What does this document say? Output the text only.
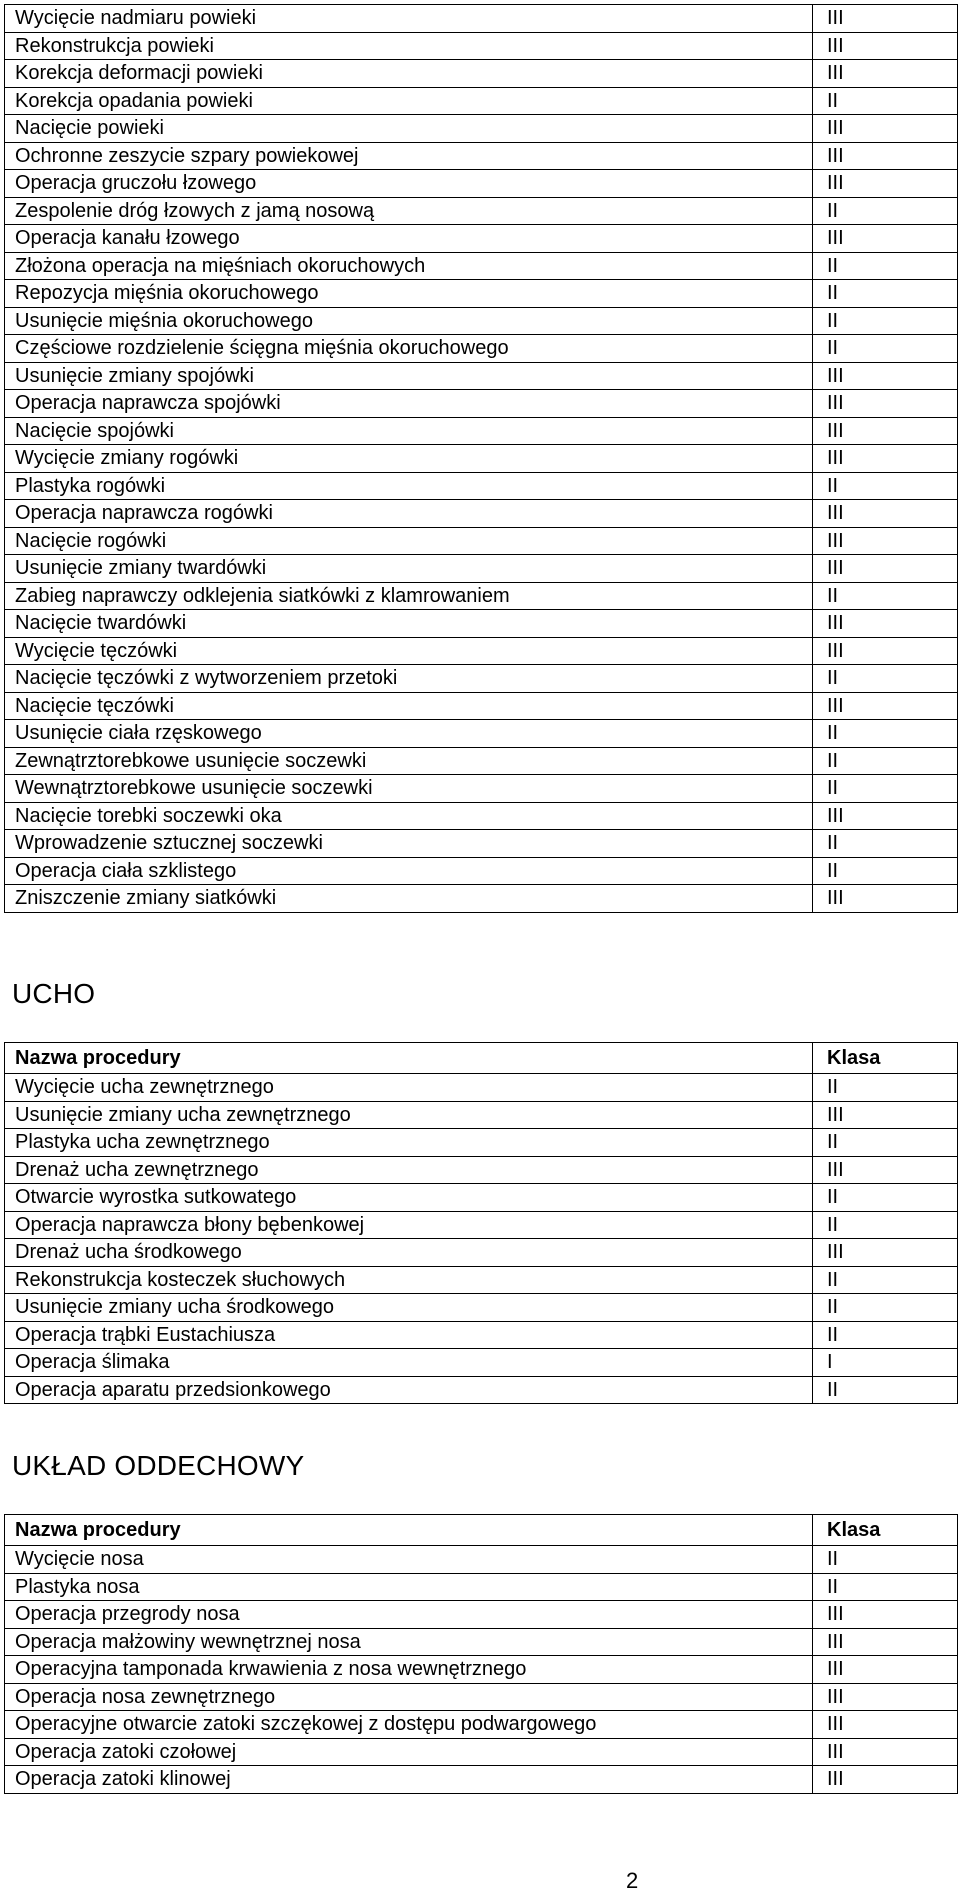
Wycięcie nadmiaru powieki	III
Rekonstrukcja powieki	III
Korekcja deformacji powieki	III
Korekcja opadania powieki	II
Nacięcie powieki	III
Ochronne zeszycie szpary powiekowej	III
Operacja gruczołu łzowego	III
Zespolenie dróg łzowych z jamą nosową	II
Operacja kanału łzowego	III
Złożona operacja na mięśniach okoruchowych	II
Repozycja mięśnia okoruchowego	II
Usunięcie mięśnia okoruchowego	II
Częściowe rozdzielenie ścięgna mięśnia okoruchowego	II
Usunięcie zmiany spojówki	III
Operacja naprawcza spojówki	III
Nacięcie spojówki	III
Wycięcie zmiany rogówki	III
Plastyka rogówki	II
Operacja naprawcza rogówki	III
Nacięcie rogówki	III
Usunięcie zmiany twardówki	III
Zabieg naprawczy odklejenia siatkówki z klamrowaniem	II
Nacięcie twardówki	III
Wycięcie tęczówki	III
Nacięcie tęczówki z wytworzeniem przetoki	II
Nacięcie tęczówki	III
Usunięcie ciała rzęskowego	II
Zewnątrztorebkowe usunięcie soczewki	II
Wewnątrztorebkowe usunięcie soczewki	II
Nacięcie torebki soczewki oka	III
Wprowadzenie sztucznej soczewki	II
Operacja ciała szklistego	II
Zniszczenie zmiany siatkówki	III
UCHO
Nazwa procedury	Klasa
Wycięcie ucha zewnętrznego	II
Usunięcie zmiany ucha zewnętrznego	III
Plastyka ucha zewnętrznego	II
Drenaż ucha zewnętrznego	III
Otwarcie wyrostka sutkowatego	II
Operacja naprawcza błony bębenkowej	II
Drenaż ucha środkowego	III
Rekonstrukcja kosteczek słuchowych	II
Usunięcie zmiany ucha środkowego	II
Operacja trąbki Eustachiusza	II
Operacja ślimaka	I
Operacja aparatu przedsionkowego	II
UKŁAD ODDECHOWY
Nazwa procedury	Klasa
Wycięcie nosa	II
Plastyka nosa	II
Operacja przegrody nosa	III
Operacja małżowiny wewnętrznej nosa	III
Operacyjna tamponada krwawienia z nosa wewnętrznego	III
Operacja nosa zewnętrznego	III
Operacyjne otwarcie zatoki szczękowej z dostępu podwargowego	III
Operacja zatoki czołowej	III
Operacja zatoki klinowej	III
2
